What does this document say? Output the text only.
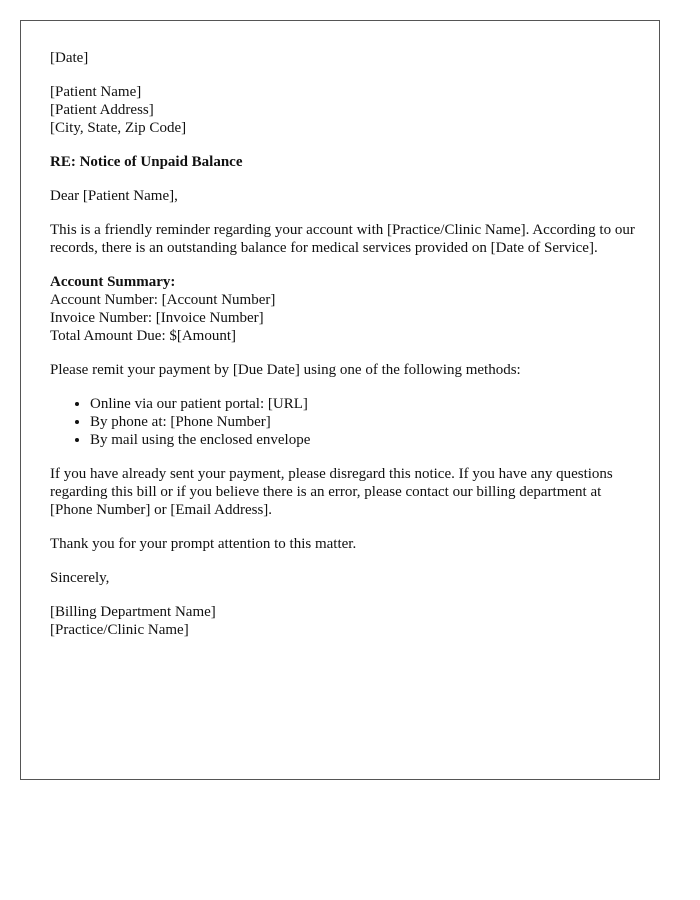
[Date]

[Patient Name]
[Patient Address]
[City, State, Zip Code]

RE: Notice of Unpaid Balance

Dear [Patient Name],

This is a friendly reminder regarding your account with [Practice/Clinic Name]. According to our records, there is an outstanding balance for medical services provided on [Date of Service].

Account Summary:
Account Number: [Account Number]
Invoice Number: [Invoice Number]
Total Amount Due: $[Amount]

Please remit your payment by [Due Date] using one of the following methods:

• Online via our patient portal: [URL]
• By phone at: [Phone Number]
• By mail using the enclosed envelope

If you have already sent your payment, please disregard this notice. If you have any questions regarding this bill or if you believe there is an error, please contact our billing department at [Phone Number] or [Email Address].

Thank you for your prompt attention to this matter.

Sincerely,

[Billing Department Name]
[Practice/Clinic Name]
